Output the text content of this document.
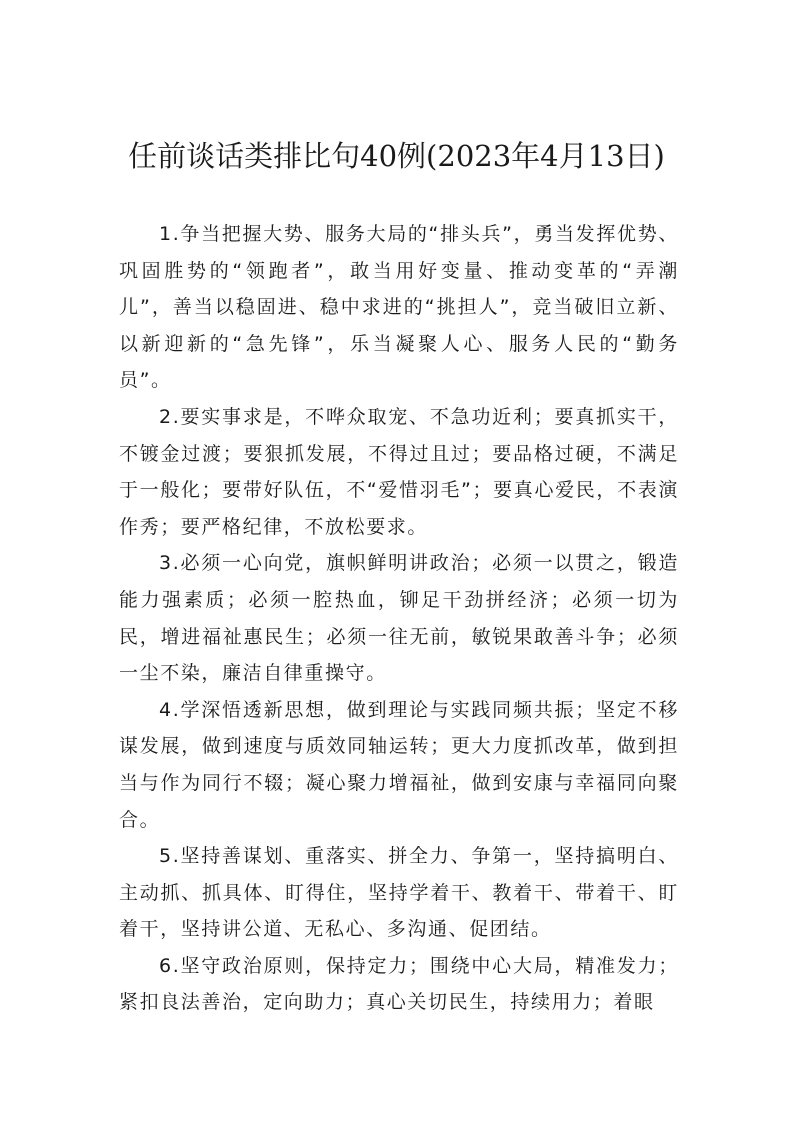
任前谈话类排比句40例(2023年4月13日)

1.争当把握大势、服务大局的“排头兵”，勇当发挥优势、巩固胜势的“领跑者”，敢当用好变量、推动变革的“弄潮儿”，善当以稳固进、稳中求进的“挑担人”，竞当破旧立新、以新迎新的“急先锋”，乐当凝聚人心、服务人民的“勤务员”。

2.要实事求是，不哗众取宠、不急功近利；要真抓实干，不镀金过渡；要狠抓发展，不得过且过；要品格过硬，不满足于一般化；要带好队伍，不“爱惜羽毛”；要真心爱民，不表演作秀；要严格纪律，不放松要求。

3.必须一心向党，旗帜鲜明讲政治；必须一以贯之，锻造能力强素质；必须一腔热血，铆足干劲拼经济；必须一切为民，增进福祉惠民生；必须一往无前，敏锐果敢善斗争；必须一尘不染，廉洁自律重操守。

4.学深悟透新思想，做到理论与实践同频共振；坚定不移谋发展，做到速度与质效同轴运转；更大力度抓改革，做到担当与作为同行不辍；凝心聚力增福祉，做到安康与幸福同向聚合。

5.坚持善谋划、重落实、拼全力、争第一，坚持搞明白、主动抓、抓具体、盯得住，坚持学着干、教着干、带着干、盯着干，坚持讲公道、无私心、多沟通、促团结。

6.坚守政治原则，保持定力；围绕中心大局，精准发力；紧扣良法善治，定向助力；真心关切民生，持续用力；着眼
